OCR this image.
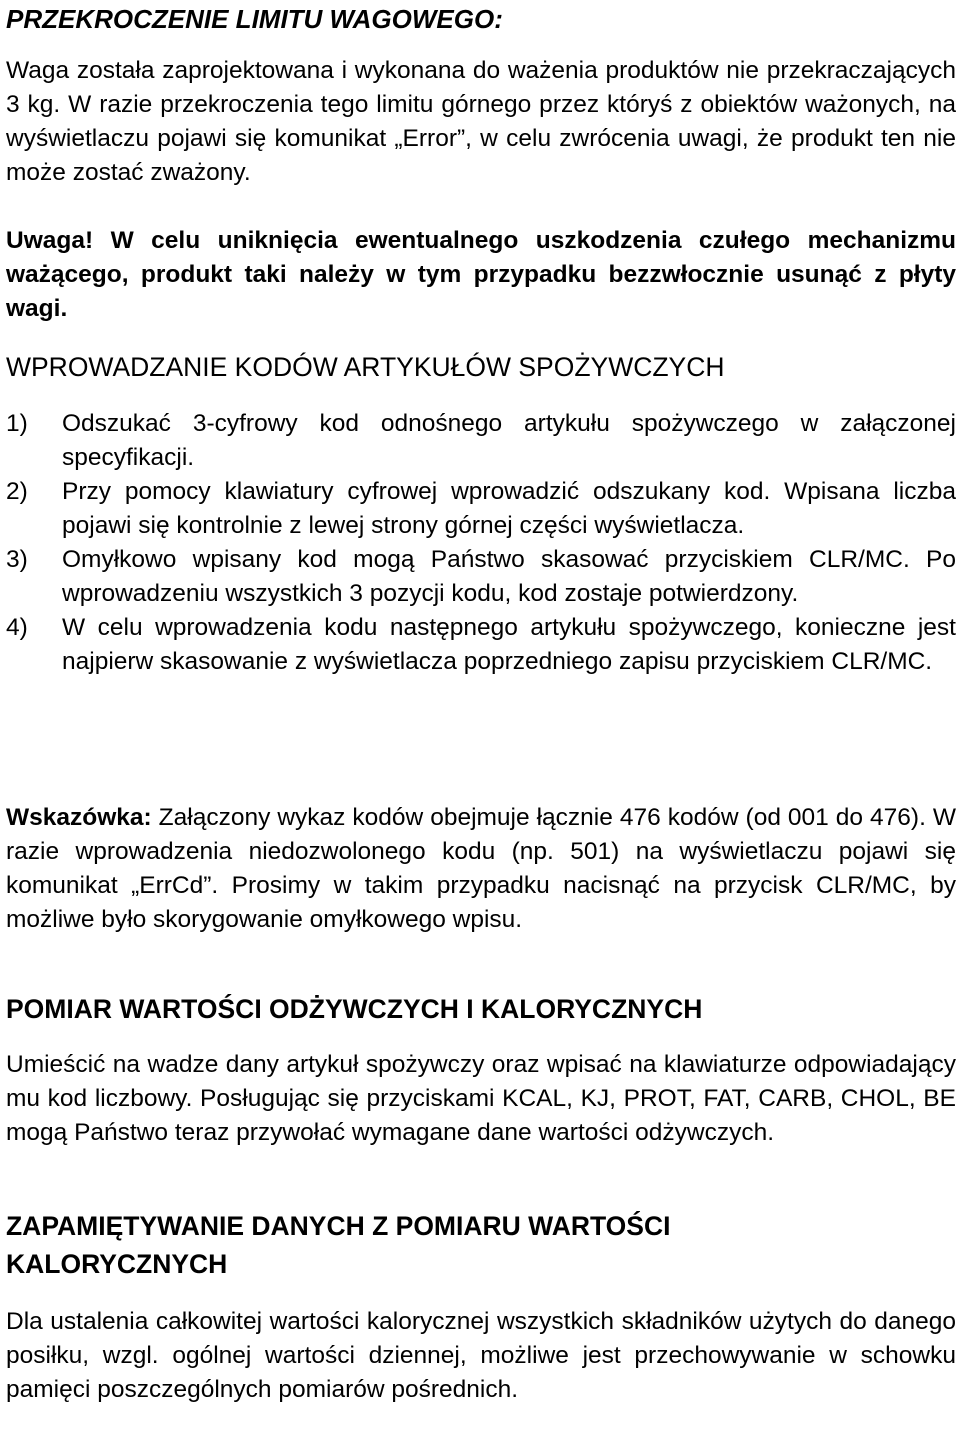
PRZEKROCZENIE LIMITU WAGOWEGO:

Waga została zaprojektowana i wykonana do ważenia produktów nie przekraczających 3 kg. W razie przekroczenia tego limitu górnego przez któryś z obiektów ważonych, na wyświetlaczu pojawi się komunikat „Error”, w celu zwrócenia uwagi, że produkt ten nie może zostać zważony.

Uwaga! W celu uniknięcia ewentualnego uszkodzenia czułego mechanizmu ważącego, produkt taki należy w tym przypadku bezzwłocznie usunąć z płyty wagi.

WPROWADZANIE KODÓW ARTYKUŁÓW SPOŻYWCZYCH
1)	Odszukać 3-cyfrowy kod odnośnego artykułu spożywczego w załączonej specyfikacji.

2)	Przy pomocy klawiatury cyfrowej wprowadzić odszukany kod. Wpisana liczba pojawi się kontrolnie z lewej strony górnej części wyświetlacza.

3)	Omyłkowo wpisany kod mogą Państwo skasować przyciskiem CLR/MC. Po wprowadzeniu wszystkich 3 pozycji kodu, kod zostaje potwierdzony.

4)	W celu wprowadzenia kodu następnego artykułu spożywczego, konieczne jest najpierw skasowanie z wyświetlacza poprzedniego zapisu przyciskiem CLR/MC.

Wskazówka: Załączony wykaz kodów obejmuje łącznie 476 kodów (od 001 do 476). W razie wprowadzenia niedozwolonego kodu (np. 501) na wyświetlaczu pojawi się komunikat „ErrCd”. Prosimy w takim przypadku nacisnąć na przycisk CLR/MC, by możliwe było skorygowanie omyłkowego wpisu.

POMIAR WARTOŚCI ODŻYWCZYCH I KALORYCZNYCH

Umieścić na wadze dany artykuł spożywczy oraz wpisać na klawiaturze odpowiadający mu kod liczbowy. Posługując się przyciskami KCAL, KJ, PROT, FAT, CARB, CHOL, BE mogą Państwo teraz przywołać wymagane dane wartości odżywczych.

ZAPAMIĘTYWANIE DANYCH Z POMIARU WARTOŚCI KALORYCZNYCH

Dla ustalenia całkowitej wartości kalorycznej wszystkich składników użytych do danego posiłku, wzgl. ogólnej wartości dziennej, możliwe jest przechowywanie w schowku pamięci poszczególnych pomiarów pośrednich.
